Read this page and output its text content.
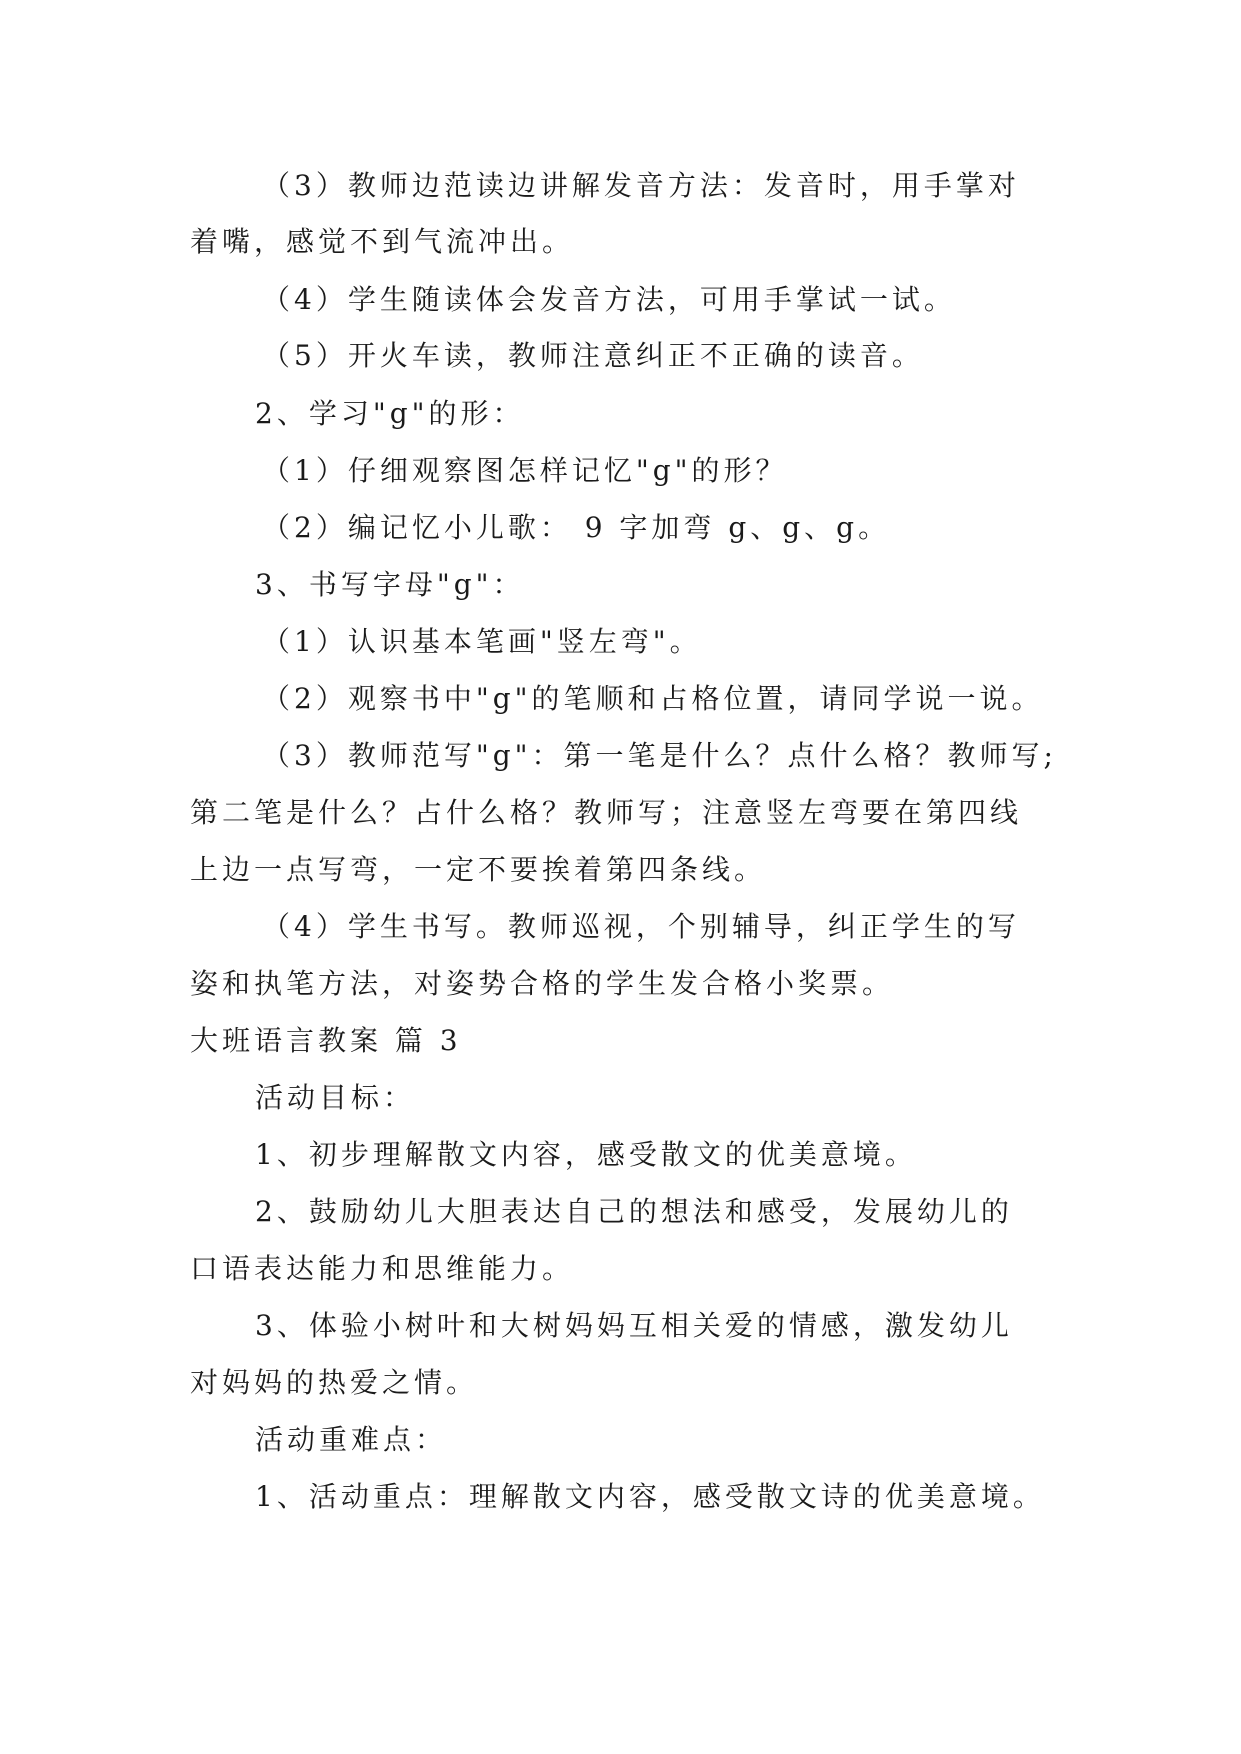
（3）教师边范读边讲解发音方法：发音时，用手掌对
着嘴，感觉不到气流冲出。
（4）学生随读体会发音方法，可用手掌试一试。
（5）开火车读，教师注意纠正不正确的读音。
2、学习"g"的形：
（1）仔细观察图怎样记忆"g"的形？
（2）编记忆小儿歌： 9 字加弯 g、g、g。
3、书写字母"g"：
（1）认识基本笔画"竖左弯"。
（2）观察书中"g"的笔顺和占格位置，请同学说一说。
（3）教师范写"g"：第一笔是什么？点什么格？教师写;
第二笔是什么？占什么格？教师写；注意竖左弯要在第四线
上边一点写弯，一定不要挨着第四条线。
（4）学生书写。教师巡视，个别辅导，纠正学生的写
姿和执笔方法，对姿势合格的学生发合格小奖票。
大班语言教案 篇 3
活动目标：
1、初步理解散文内容，感受散文的优美意境。
2、鼓励幼儿大胆表达自己的想法和感受，发展幼儿的
口语表达能力和思维能力。
3、体验小树叶和大树妈妈互相关爱的情感，激发幼儿
对妈妈的热爱之情。
活动重难点：
1、活动重点：理解散文内容，感受散文诗的优美意境。
